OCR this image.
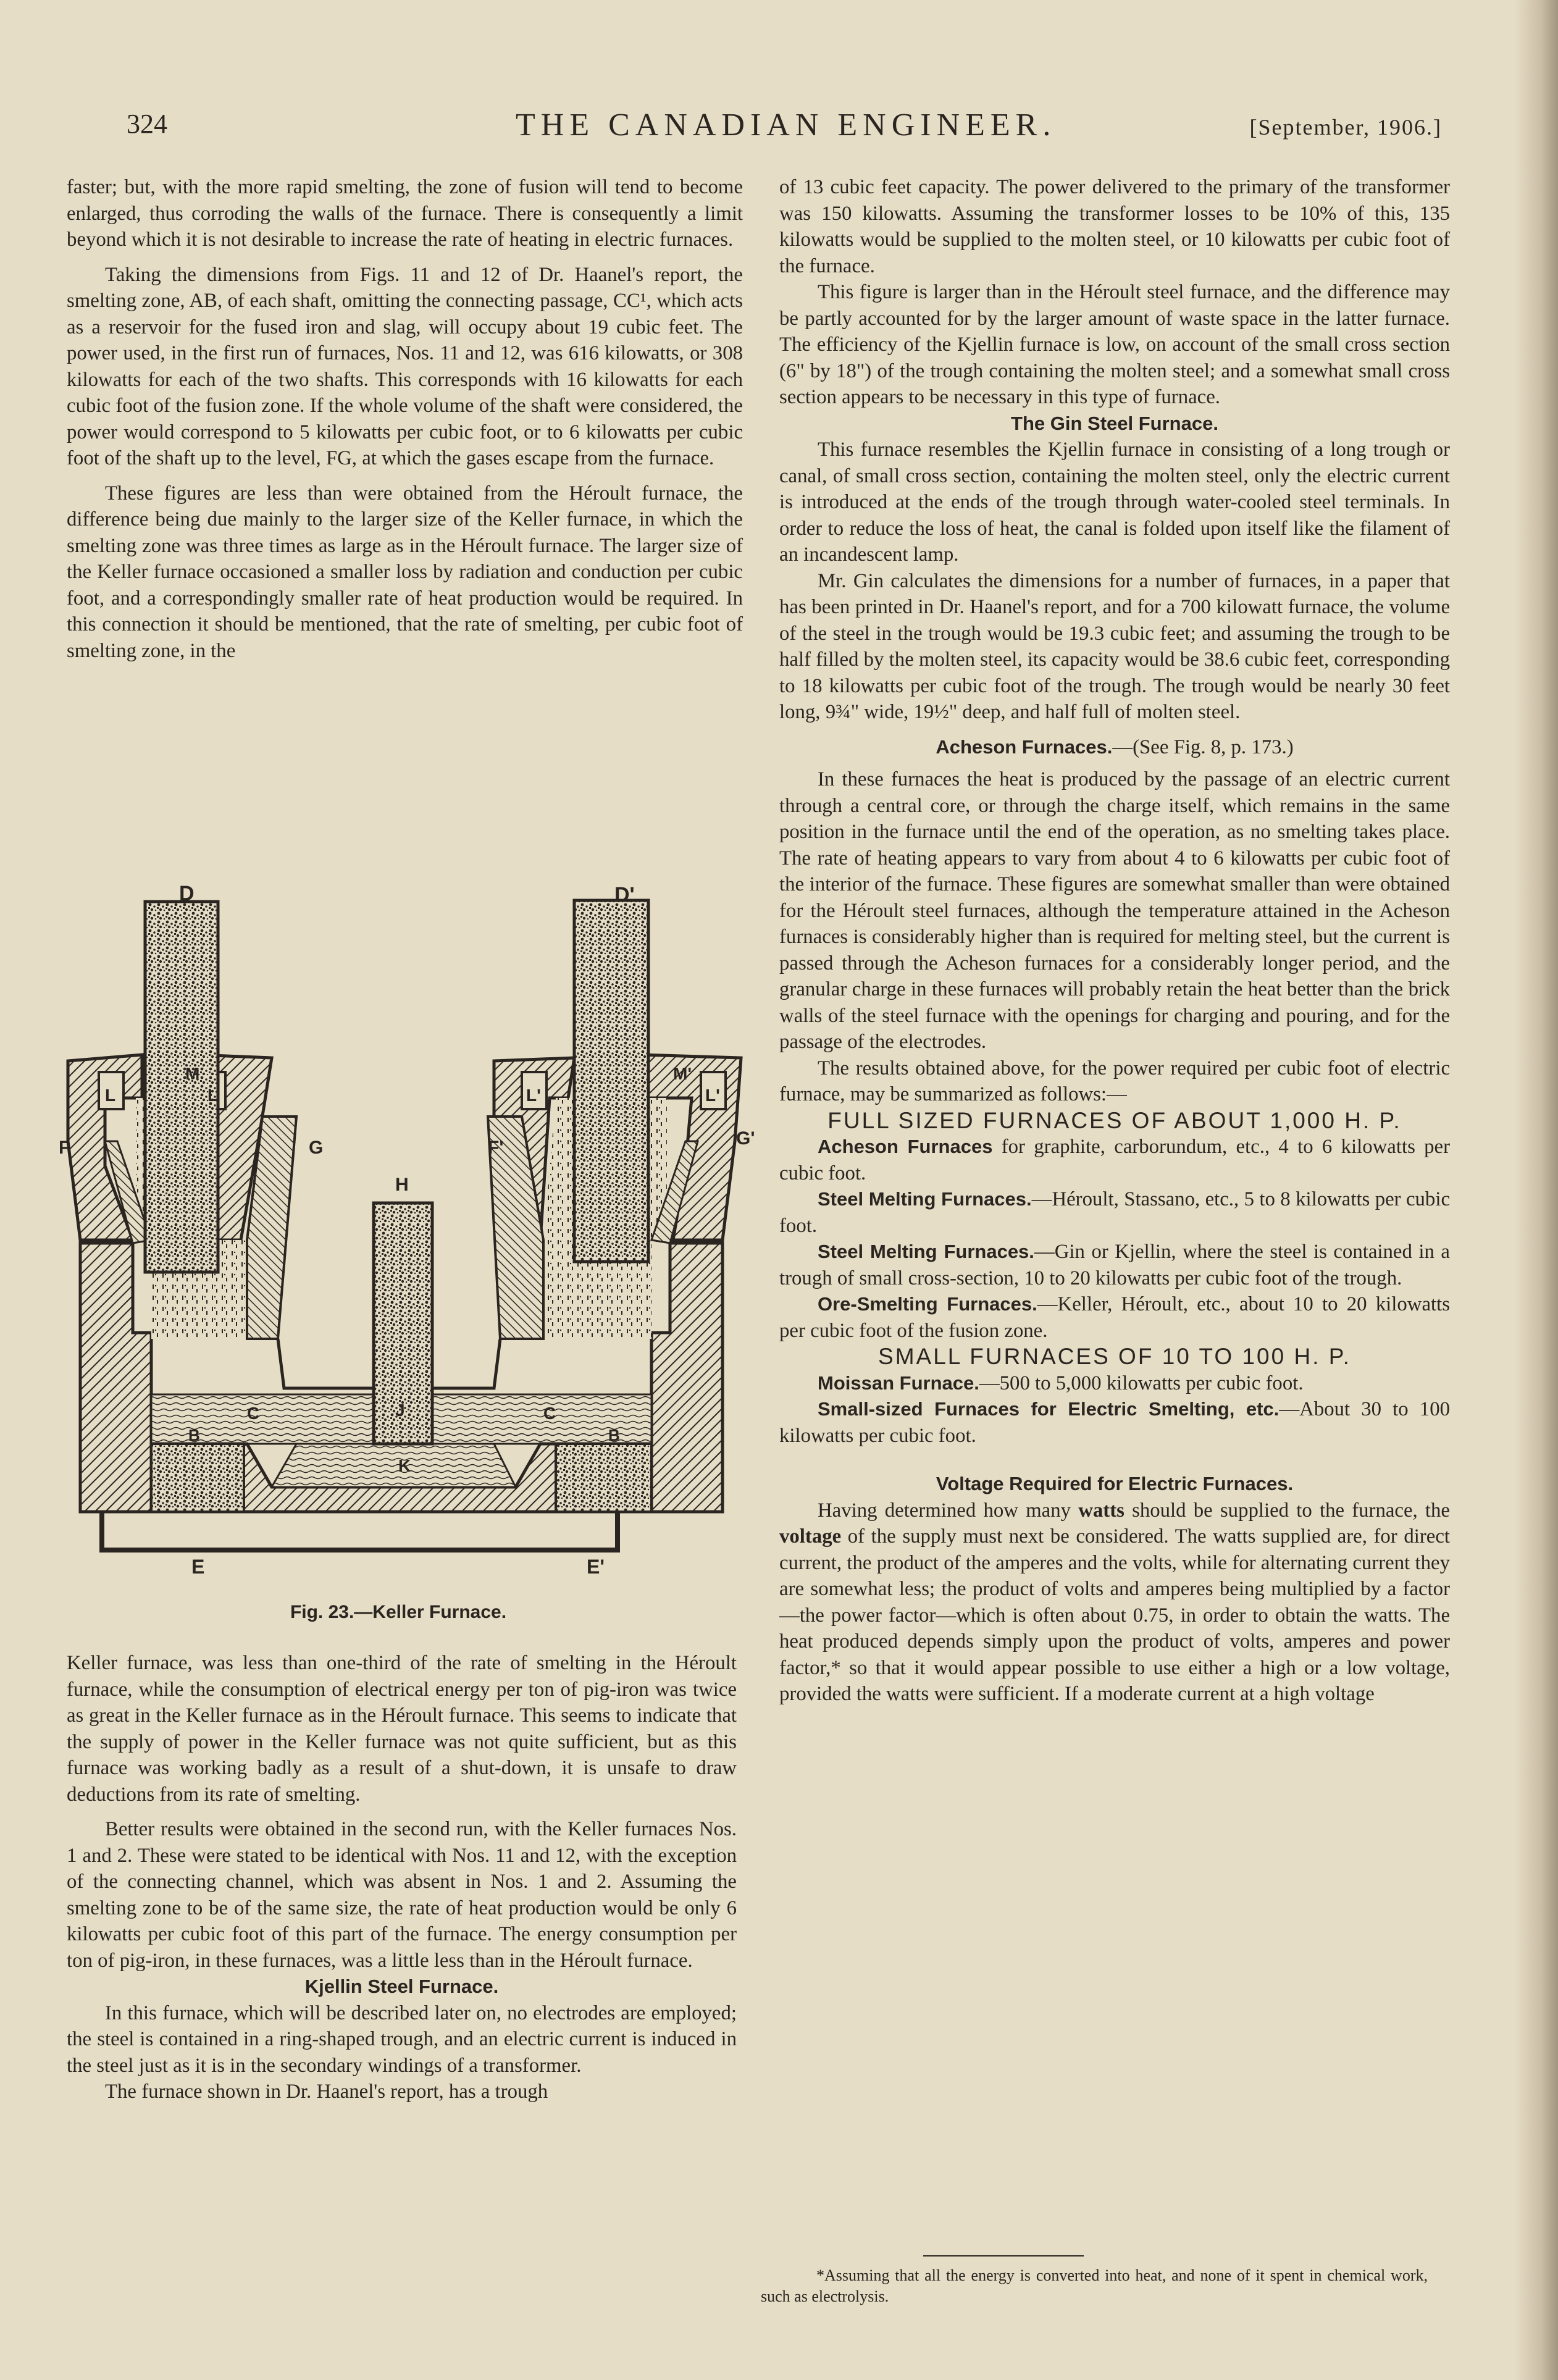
324	THE CANADIAN ENGINEER.	[September, 1906.]

faster; but, with the more rapid smelting, the zone of fusion will tend to become enlarged, thus corroding the walls of the furnace. There is consequently a limit beyond which it is not desirable to increase the rate of heating in electric furnaces.

Taking the dimensions from Figs. 11 and 12 of Dr. Haanel's report, the smelting zone, AB, of each shaft, omitting the connecting passage, CC¹, which acts as a reservoir for the fused iron and slag, will occupy about 19 cubic feet. The power used, in the first run of furnaces, Nos. 11 and 12, was 616 kilowatts, or 308 kilowatts for each of the two shafts. This corresponds with 16 kilowatts for each cubic foot of the fusion zone. If the whole volume of the shaft were considered, the power would correspond to 5 kilowatts per cubic foot, or to 6 kilowatts per cubic foot of the shaft up to the level, FG, at which the gases escape from the furnace.

These figures are less than were obtained from the Héroult furnace, the difference being due mainly to the larger size of the Keller furnace, in which the smelting zone was three times as large as in the Héroult furnace. The larger size of the Keller furnace occasioned a smaller loss by radiation and conduction per cubic foot, and a correspondingly smaller rate of heat production would be required. In this connection it should be mentioned, that the rate of smelting, per cubic foot of smelting zone, in the

D	D'
F	G	F'	G'
L	L	L'	L'
M	M'
H
C	C
J
K
B	B
E	E'
Fig. 23.—Keller Furnace.

Keller furnace, was less than one-third of the rate of smelting in the Héroult furnace, while the consumption of electrical energy per ton of pig-iron was twice as great in the Keller furnace as in the Héroult furnace. This seems to indicate that the supply of power in the Keller furnace was not quite sufficient, but as this furnace was working badly as a result of a shut-down, it is unsafe to draw deductions from its rate of smelting.

Better results were obtained in the second run, with the Keller furnaces Nos. 1 and 2. These were stated to be identical with Nos. 11 and 12, with the exception of the connecting channel, which was absent in Nos. 1 and 2. Assuming the smelting zone to be of the same size, the rate of heat production would be only 6 kilowatts per cubic foot of this part of the furnace. The energy consumption per ton of pig-iron, in these furnaces, was a little less than in the Héroult furnace.

Kjellin Steel Furnace.

In this furnace, which will be described later on, no electrodes are employed; the steel is contained in a ring-shaped trough, and an electric current is induced in the steel just as it is in the secondary windings of a transformer.

The furnace shown in Dr. Haanel's report, has a trough

of 13 cubic feet capacity. The power delivered to the primary of the transformer was 150 kilowatts. Assuming the transformer losses to be 10% of this, 135 kilowatts would be supplied to the molten steel, or 10 kilowatts per cubic foot of the furnace.

This figure is larger than in the Héroult steel furnace, and the difference may be partly accounted for by the larger amount of waste space in the latter furnace. The efficiency of the Kjellin furnace is low, on account of the small cross section (6" by 18") of the trough containing the molten steel; and a somewhat small cross section appears to be necessary in this type of furnace.

The Gin Steel Furnace.

This furnace resembles the Kjellin furnace in consisting of a long trough or canal, of small cross section, containing the molten steel, only the electric current is introduced at the ends of the trough through water-cooled steel terminals. In order to reduce the loss of heat, the canal is folded upon itself like the filament of an incandescent lamp.

Mr. Gin calculates the dimensions for a number of furnaces, in a paper that has been printed in Dr. Haanel's report, and for a 700 kilowatt furnace, the volume of the steel in the trough would be 19.3 cubic feet; and assuming the trough to be half filled by the molten steel, its capacity would be 38.6 cubic feet, corresponding to 18 kilowatts per cubic foot of the trough. The trough would be nearly 30 feet long, 9¾" wide, 19½" deep, and half full of molten steel.

Acheson Furnaces.—(See Fig. 8, p. 173.)

In these furnaces the heat is produced by the passage of an electric current through a central core, or through the charge itself, which remains in the same position in the furnace until the end of the operation, as no smelting takes place. The rate of heating appears to vary from about 4 to 6 kilowatts per cubic foot of the interior of the furnace. These figures are somewhat smaller than were obtained for the Héroult steel furnaces, although the temperature attained in the Acheson furnaces is considerably higher than is required for melting steel, but the current is passed through the Acheson furnaces for a considerably longer period, and the granular charge in these furnaces will probably retain the heat better than the brick walls of the steel furnace with the openings for charging and pouring, and for the passage of the electrodes.

The results obtained above, for the power required per cubic foot of electric furnace, may be summarized as follows:—

FULL SIZED FURNACES OF ABOUT 1,000 H. P.

Acheson Furnaces for graphite, carborundum, etc., 4 to 6 kilowatts per cubic foot.

Steel Melting Furnaces.—Héroult, Stassano, etc., 5 to 8 kilowatts per cubic foot.

Steel Melting Furnaces.—Gin or Kjellin, where the steel is contained in a trough of small cross-section, 10 to 20 kilowatts per cubic foot of the trough.

Ore-Smelting Furnaces.—Keller, Héroult, etc., about 10 to 20 kilowatts per cubic foot of the fusion zone.

SMALL FURNACES OF 10 TO 100 H. P.

Moissan Furnace.—500 to 5,000 kilowatts per cubic foot.

Small-sized Furnaces for Electric Smelting, etc.—About 30 to 100 kilowatts per cubic foot.

Voltage Required for Electric Furnaces.

Having determined how many watts should be supplied to the furnace, the voltage of the supply must next be considered. The watts supplied are, for direct current, the product of the amperes and the volts, while for alternating current they are somewhat less; the product of volts and amperes being multiplied by a factor—the power factor—which is often about 0.75, in order to obtain the watts. The heat produced depends simply upon the product of volts, amperes and power factor,* so that it would appear possible to use either a high or a low voltage, provided the watts were sufficient. If a moderate current at a high voltage

*Assuming that all the energy is converted into heat, and none of it spent in chemical work, such as electrolysis.
